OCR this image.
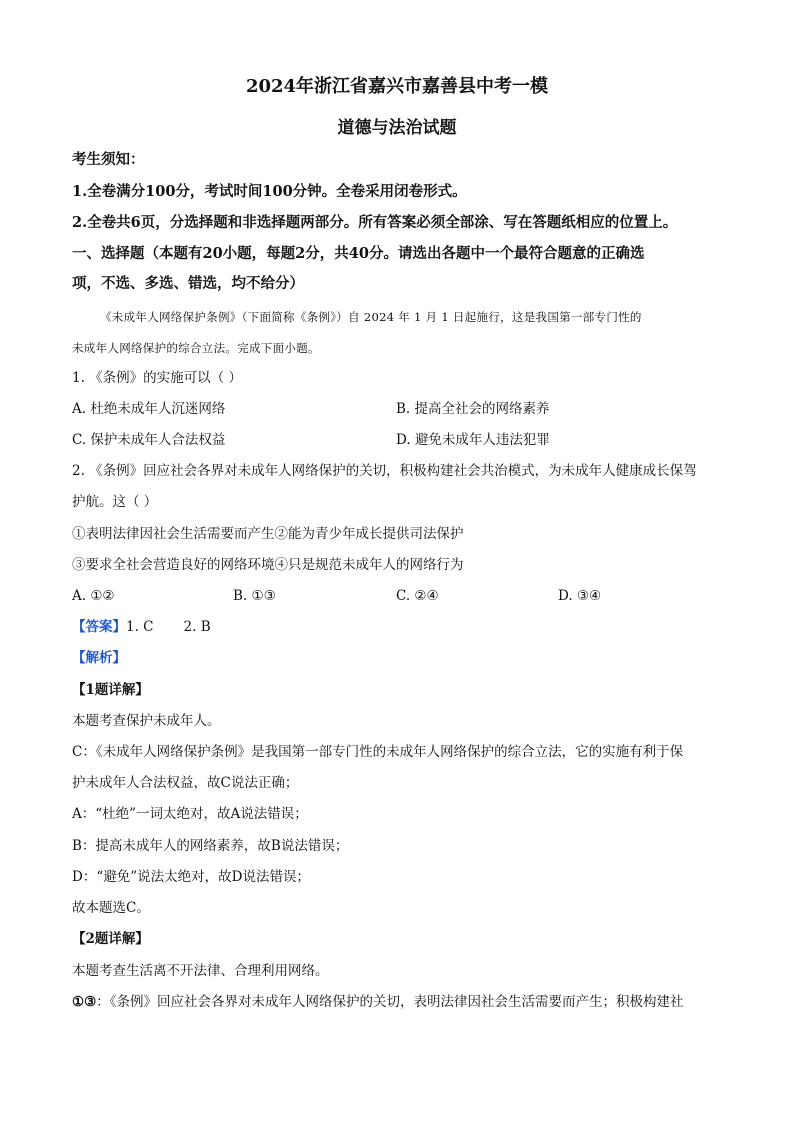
2024年浙江省嘉兴市嘉善县中考一模
道德与法治试题
考生须知：
1.全卷满分100分，考试时间100分钟。全卷采用闭卷形式。
2.全卷共6页，分选择题和非选择题两部分。所有答案必须全部涂、写在答题纸相应的位置上。
一、选择题（本题有20小题，每题2分，共40分。请选出各题中一个最符合题意的正确选
项，不选、多选、错选，均不给分）
《未成年人网络保护条例》（下面简称《条例》）自 2024 年 1 月 1 日起施行，这是我国第一部专门性的
未成年人网络保护的综合立法。完成下面小题。
1. 《条例》的实施可以（ ）
A. 杜绝未成年人沉迷网络	B. 提高全社会的网络素养
C. 保护未成年人合法权益	D. 避免未成年人违法犯罪
2. 《条例》回应社会各界对未成年人网络保护的关切，积极构建社会共治模式，为未成年人健康成长保驾
护航。这（ ）
①表明法律因社会生活需要而产生②能为青少年成长提供司法保护
③要求全社会营造良好的网络环境④只是规范未成年人的网络行为
A. ①②	B. ①③	C. ②④	D. ③④
【答案】1. C       2. B
【解析】
【1题详解】
本题考查保护未成年人。
C：《未成年人网络保护条例》是我国第一部专门性的未成年人网络保护的综合立法，它的实施有利于保
护未成年人合法权益，故C说法正确；
A：“杜绝”一词太绝对，故A说法错误；
B：提高未成年人的网络素养，故B说法错误；
D：“避免”说法太绝对，故D说法错误；
故本题选C。
【2题详解】
本题考查生活离不开法律、合理利用网络。
①③：《条例》回应社会各界对未成年人网络保护的关切，表明法律因社会生活需要而产生；积极构建社
